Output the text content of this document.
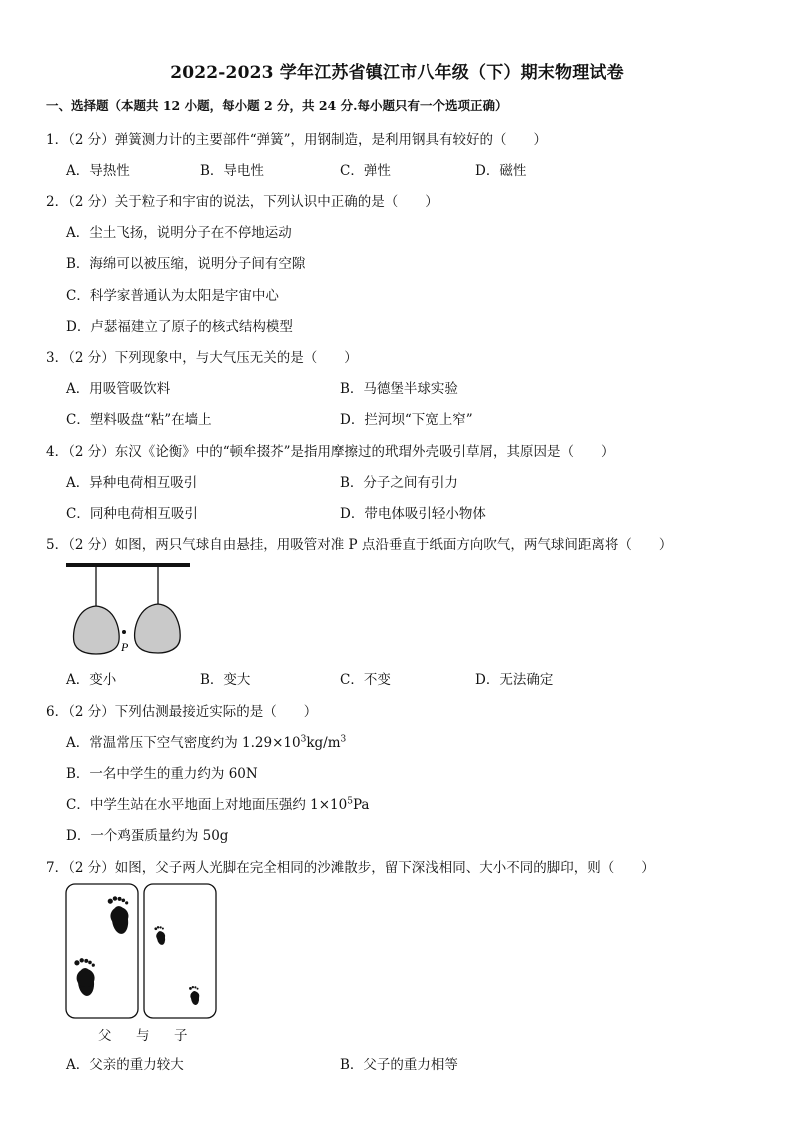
2022-2023 学年江苏省镇江市八年级（下）期末物理试卷
一、选择题（本题共 12 小题，每小题 2 分，共 24 分.每小题只有一个选项正确）
1．（2 分）弹簧测力计的主要部件“弹簧”，用钢制造，是利用钢具有较好的（　　）
A．导热性	B．导电性	C．弹性	D．磁性
2．（2 分）关于粒子和宇宙的说法，下列认识中正确的是（　　）
A．尘土飞扬，说明分子在不停地运动
B．海绵可以被压缩，说明分子间有空隙
C．科学家普通认为太阳是宇宙中心
D．卢瑟福建立了原子的核式结构模型
3．（2 分）下列现象中，与大气压无关的是（　　）
A．用吸管吸饮料	B．马德堡半球实验
C．塑料吸盘“粘”在墙上	D．拦河坝“下宽上窄”
4．（2 分）东汉《论衡》中的“顿牟掇芥”是指用摩擦过的玳瑁外壳吸引草屑，其原因是（　　）
A．异种电荷相互吸引	B．分子之间有引力
C．同种电荷相互吸引	D．带电体吸引轻小物体
5．（2 分）如图，两只气球自由悬挂，用吸管对准 P 点沿垂直于纸面方向吹气，两气球间距离将（　　）
P
A．变小	B．变大	C．不变	D．无法确定
6．（2 分）下列估测最接近实际的是（　　）
A．常温常压下空气密度约为 $1.29\times 10^3kg/m^3$
B．一名中学生的重力约为 60N
C．中学生站在水平地面上对地面压强约 $1\times 10^5Pa$
D．一个鸡蛋质量约为 50g
7．（2 分）如图，父子两人光脚在完全相同的沙滩散步，留下深浅相同、大小不同的脚印，则（　　）
父 与 子
A．父亲的重力较大	B．父子的重力相等
